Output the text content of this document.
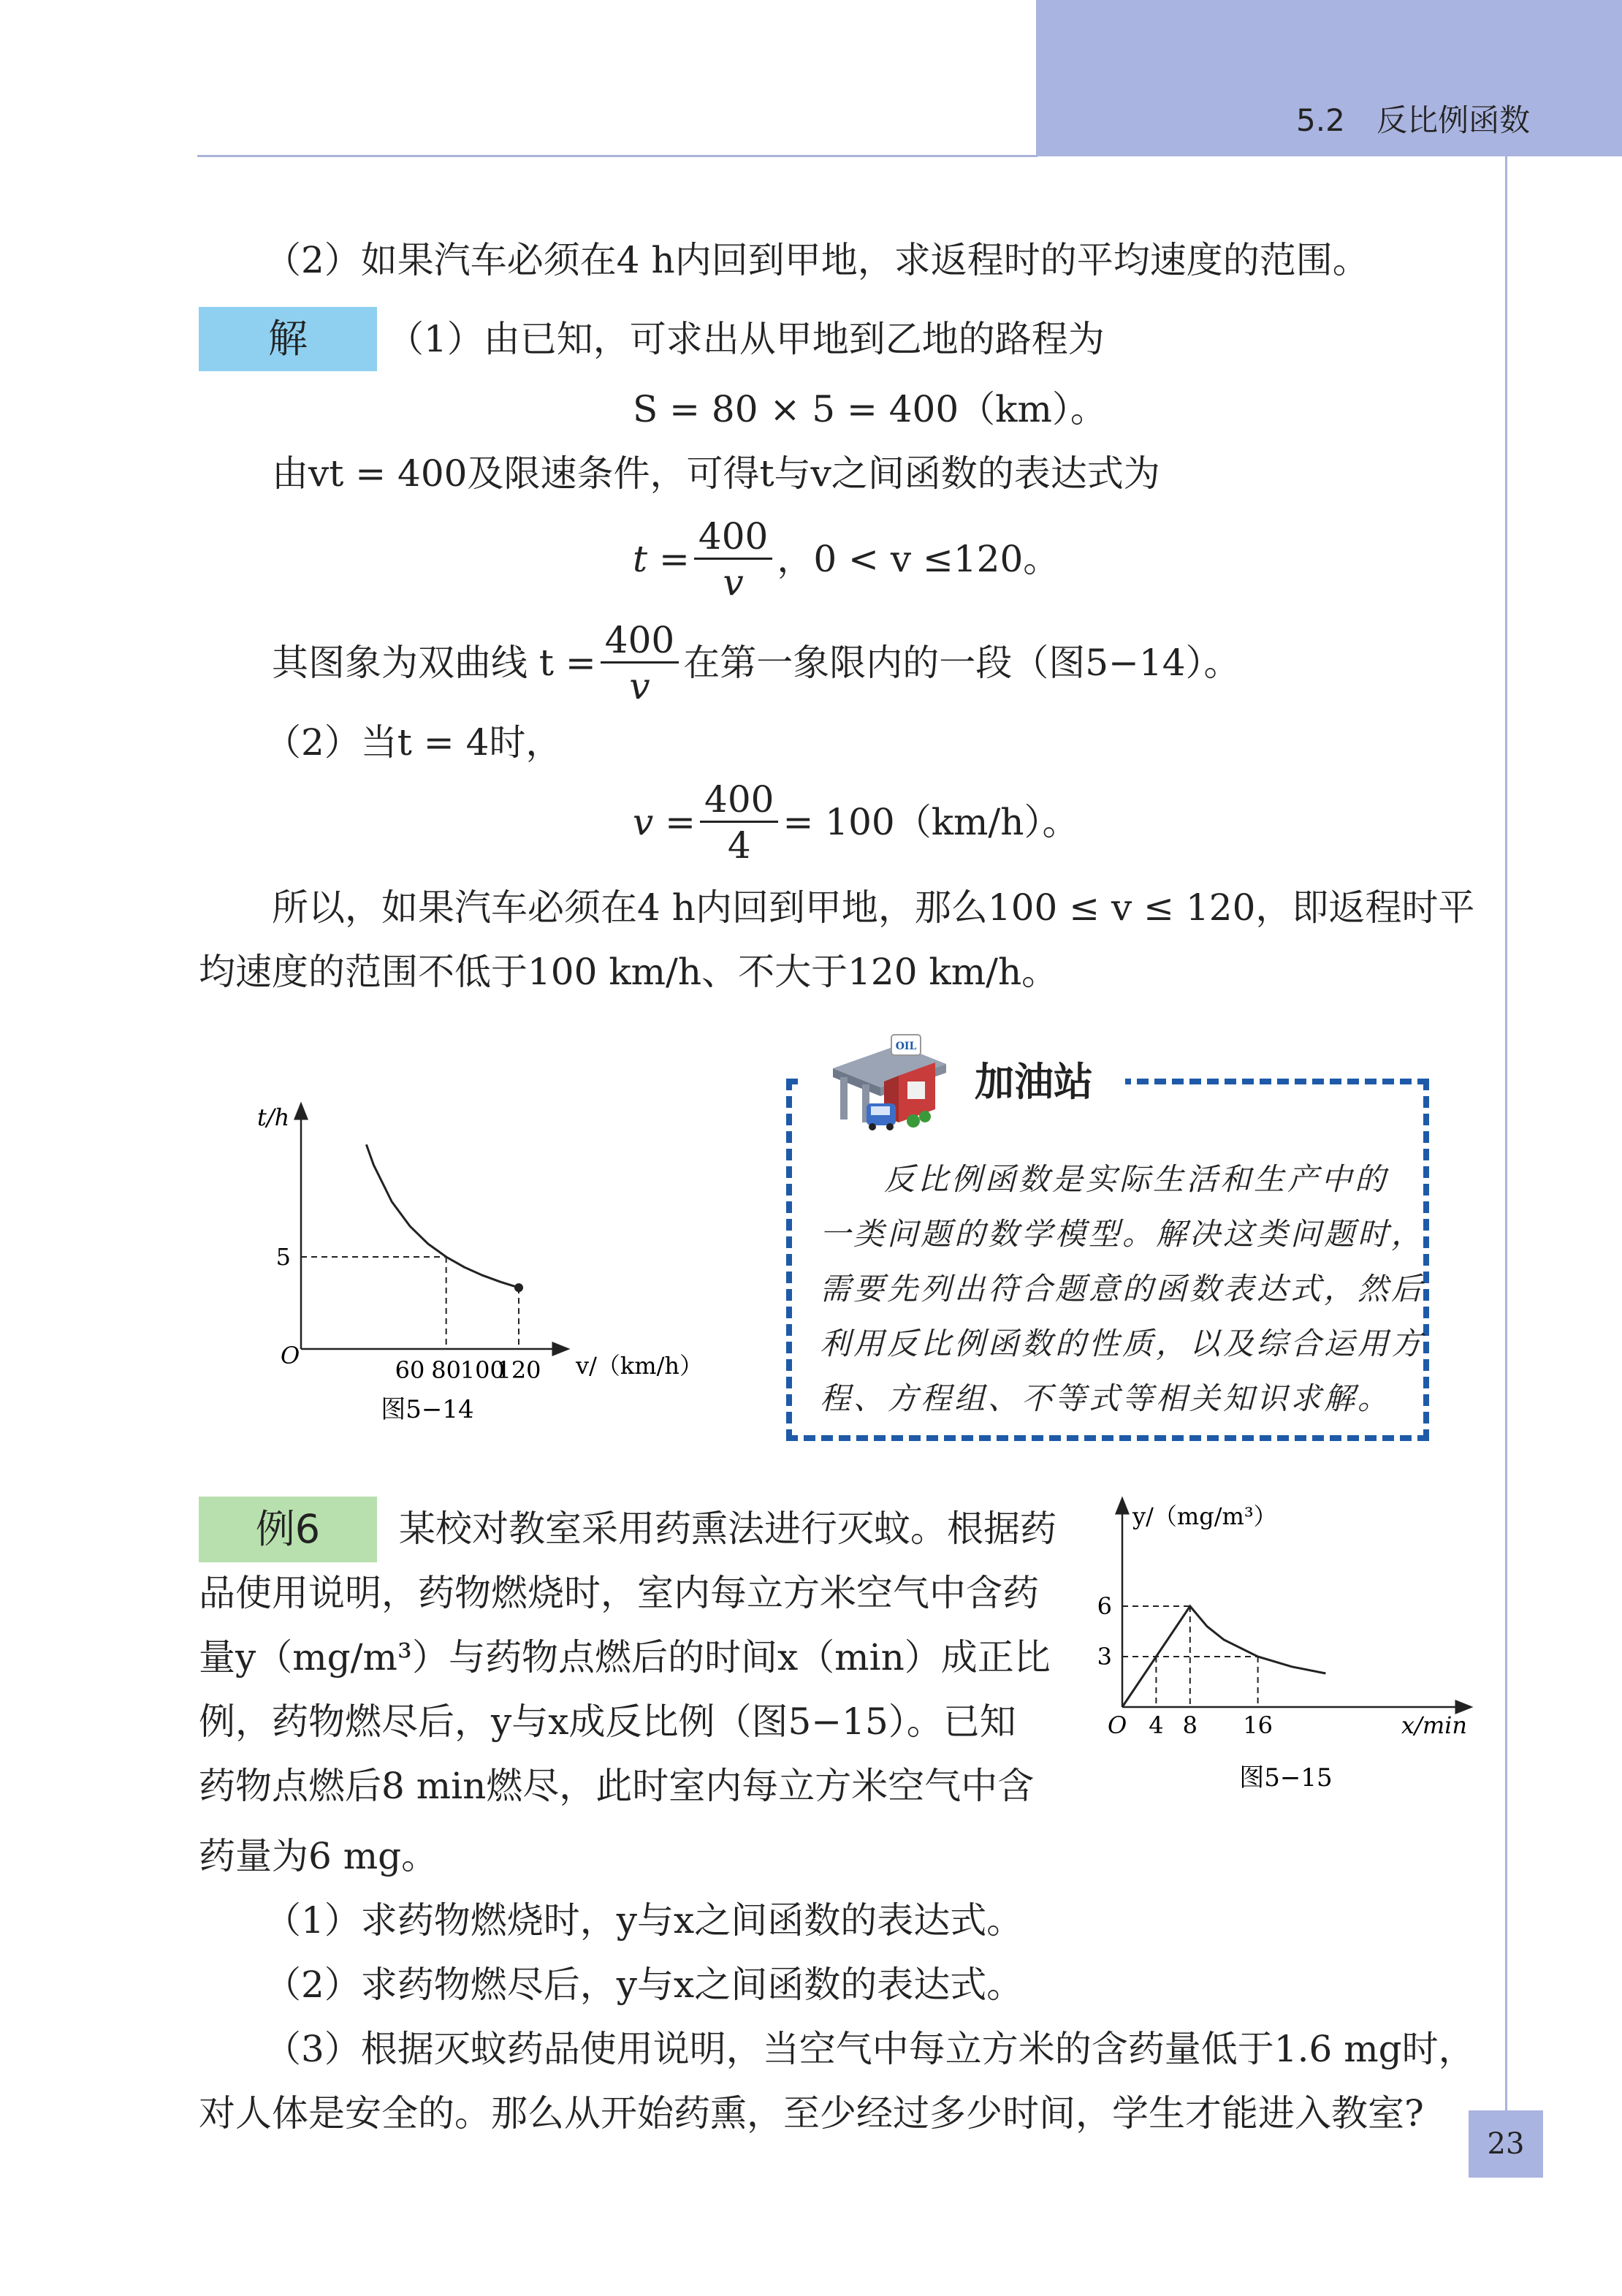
5.2 反比例函数
23
（2）如果汽车必须在4 h内回到甲地，求返程时的平均速度的范围。
解	（1）由已知，可求出从甲地到乙地的路程为
S = 80 × 5 = 400（km）。
由vt = 400及限速条件，可得t与v之间函数的表达式为
$t = \frac{400}{v}$ ，0 < v ≤120。
其图象为双曲线 $t = \frac{400}{v}$ 在第一象限内的一段（图5−14）。
（2）当t = 4时，
$v = \frac{400}{4} = 100(km/h)$。
所以，如果汽车必须在4 h内回到甲地，那么100 ≤ v ≤ 120，即返程时平
均速度的范围不低于100 km/h、不大于120 km/h。
t/h
O	v/（km/h）
60 80
100
120
5
图5−14
OIL
加油站
反比例函数是实际生活和生产中的
一类问题的数学模型。解决这类问题时，
需要先列出符合题意的函数表达式，然后
利用反比例函数的性质，以及综合运用方
程、方程组、不等式等相关知识求解。
例6	某校对教室采用药熏法进行灭蚊。根据药
品使用说明，药物燃烧时，室内每立方米空气中含药
量y（mg/m³）与药物点燃后的时间x（min）成正比
例，药物燃尽后，y与x成反比例（图5−15）。已知
药物点燃后8 min燃尽，此时室内每立方米空气中含
药量为6 mg。
（1）求药物燃烧时，y与x之间函数的表达式。
（2）求药物燃尽后，y与x之间函数的表达式。
（3）根据灭蚊药品使用说明，当空气中每立方米的含药量低于1.6 mg时，
对人体是安全的。那么从开始药熏，至少经过多少时间，学生才能进入教室?
y/（mg/m³）
O	x/min
4 8 16
3
6
图5−15
